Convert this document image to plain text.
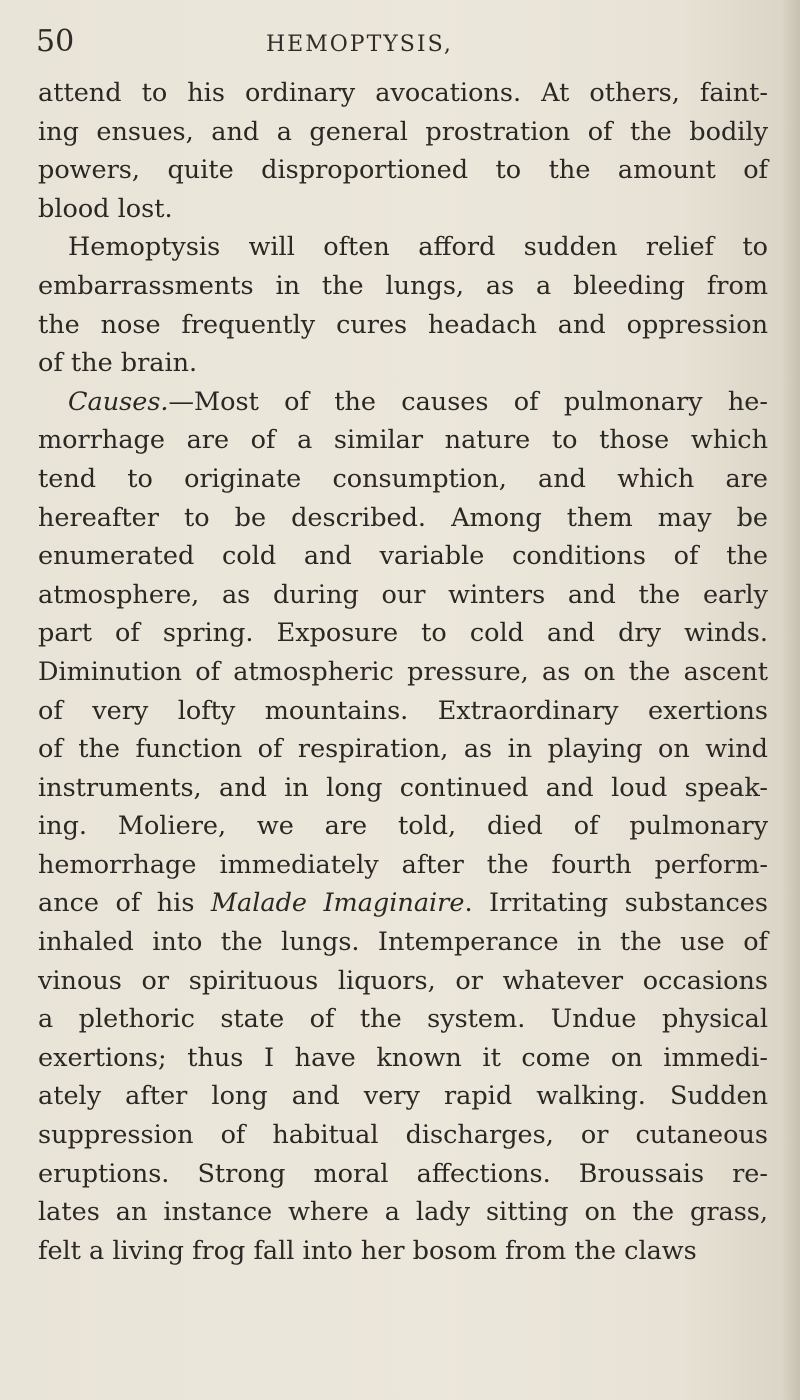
50	HEMOPTYSIS,
attend to his ordinary avocations. At others, faint-
ing ensues, and a general prostration of the bodily
powers, quite disproportioned to the amount of
blood lost.
Hemoptysis will often afford sudden relief to
embarrassments in the lungs, as a bleeding from
the nose frequently cures headach and oppression
of the brain.
Causes.—Most of the causes of pulmonary he-
morrhage are of a similar nature to those which
tend to originate consumption, and which are
hereafter to be described. Among them may be
enumerated cold and variable conditions of the
atmosphere, as during our winters and the early
part of spring. Exposure to cold and dry winds.
Diminution of atmospheric pressure, as on the ascent
of very lofty mountains. Extraordinary exertions
of the function of respiration, as in playing on wind
instruments, and in long continued and loud speak-
ing. Moliere, we are told, died of pulmonary
hemorrhage immediately after the fourth perform-
ance of his Malade Imaginaire. Irritating substances
inhaled into the lungs. Intemperance in the use of
vinous or spirituous liquors, or whatever occasions
a plethoric state of the system. Undue physical
exertions; thus I have known it come on immedi-
ately after long and very rapid walking. Sudden
suppression of habitual discharges, or cutaneous
eruptions. Strong moral affections. Broussais re-
lates an instance where a lady sitting on the grass,
felt a living frog fall into her bosom from the claws
